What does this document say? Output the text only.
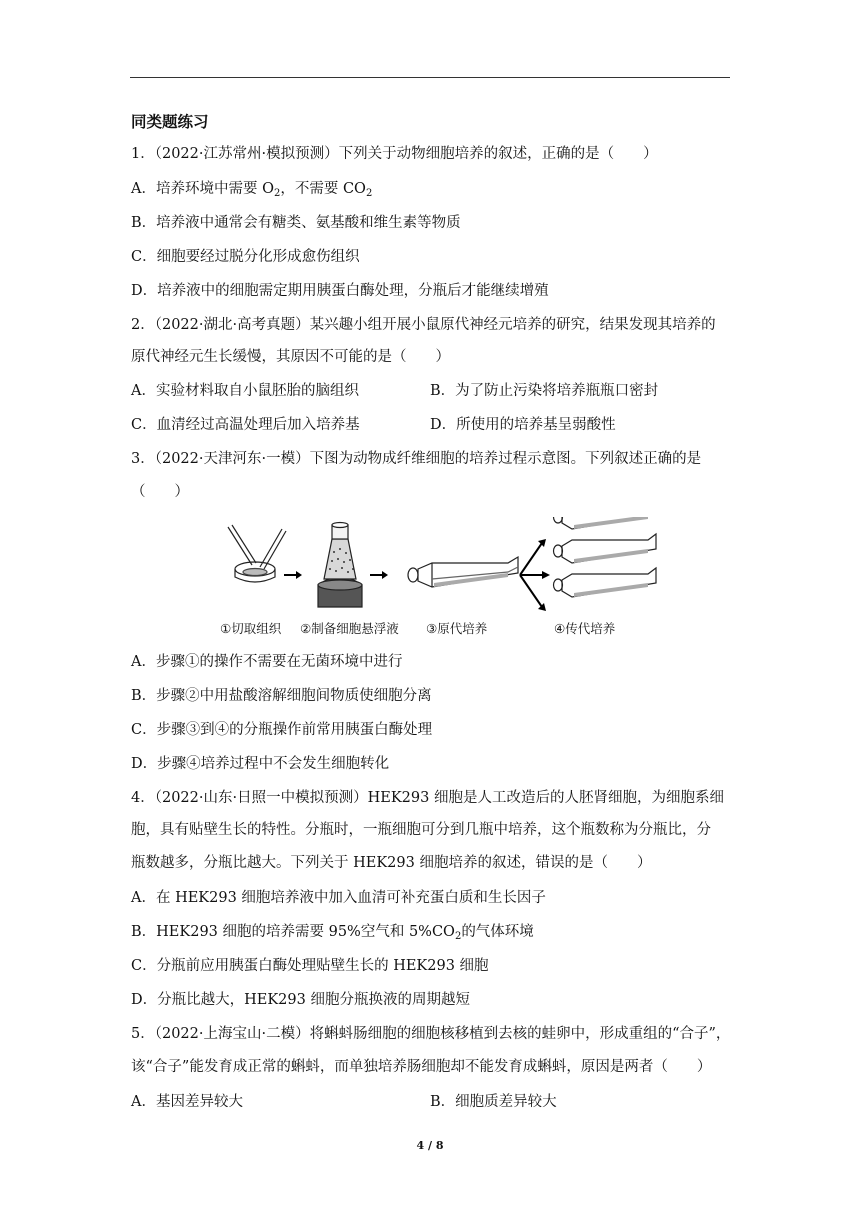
同类题练习
1．（2022·江苏常州·模拟预测）下列关于动物细胞培养的叙述，正确的是（　　）
A．培养环境中需要 $O_2$，不需要 $CO_2$
B．培养液中通常会有糖类、氨基酸和维生素等物质
C．细胞要经过脱分化形成愈伤组织
D．培养液中的细胞需定期用胰蛋白酶处理，分瓶后才能继续增殖
2．（2022·湖北·高考真题）某兴趣小组开展小鼠原代神经元培养的研究，结果发现其培养的
原代神经元生长缓慢，其原因不可能的是（　　）
A．实验材料取自小鼠胚胎的脑组织	B．为了防止污染将培养瓶瓶口密封
C．血清经过高温处理后加入培养基	D．所使用的培养基呈弱酸性
3．（2022·天津河东·一模）下图为动物成纤维细胞的培养过程示意图。下列叙述正确的是
（　　）
①切取组织 ②制备细胞悬浮液 ③原代培养	④传代培养
A．步骤①的操作不需要在无菌环境中进行
B．步骤②中用盐酸溶解细胞间物质使细胞分离
C．步骤③到④的分瓶操作前常用胰蛋白酶处理
D．步骤④培养过程中不会发生细胞转化
4．（2022·山东·日照一中模拟预测）HEK293 细胞是人工改造后的人胚肾细胞，为细胞系细
胞，具有贴壁生长的特性。分瓶时，一瓶细胞可分到几瓶中培养，这个瓶数称为分瓶比，分
瓶数越多，分瓶比越大。下列关于 HEK293 细胞培养的叙述，错误的是（　　）
A．在 HEK293 细胞培养液中加入血清可补充蛋白质和生长因子
B．HEK293 细胞的培养需要 95%空气和 $5\%CO_2$的气体环境
C．分瓶前应用胰蛋白酶处理贴壁生长的 HEK293 细胞
D．分瓶比越大，HEK293 细胞分瓶换液的周期越短
5．（2022·上海宝山·二模）将蝌蚪肠细胞的细胞核移植到去核的蛙卵中，形成重组的“合子”，
该“合子”能发育成正常的蝌蚪，而单独培养肠细胞却不能发育成蝌蚪，原因是两者（　　）
A．基因差异较大	B．细胞质差异较大
4 / 8
